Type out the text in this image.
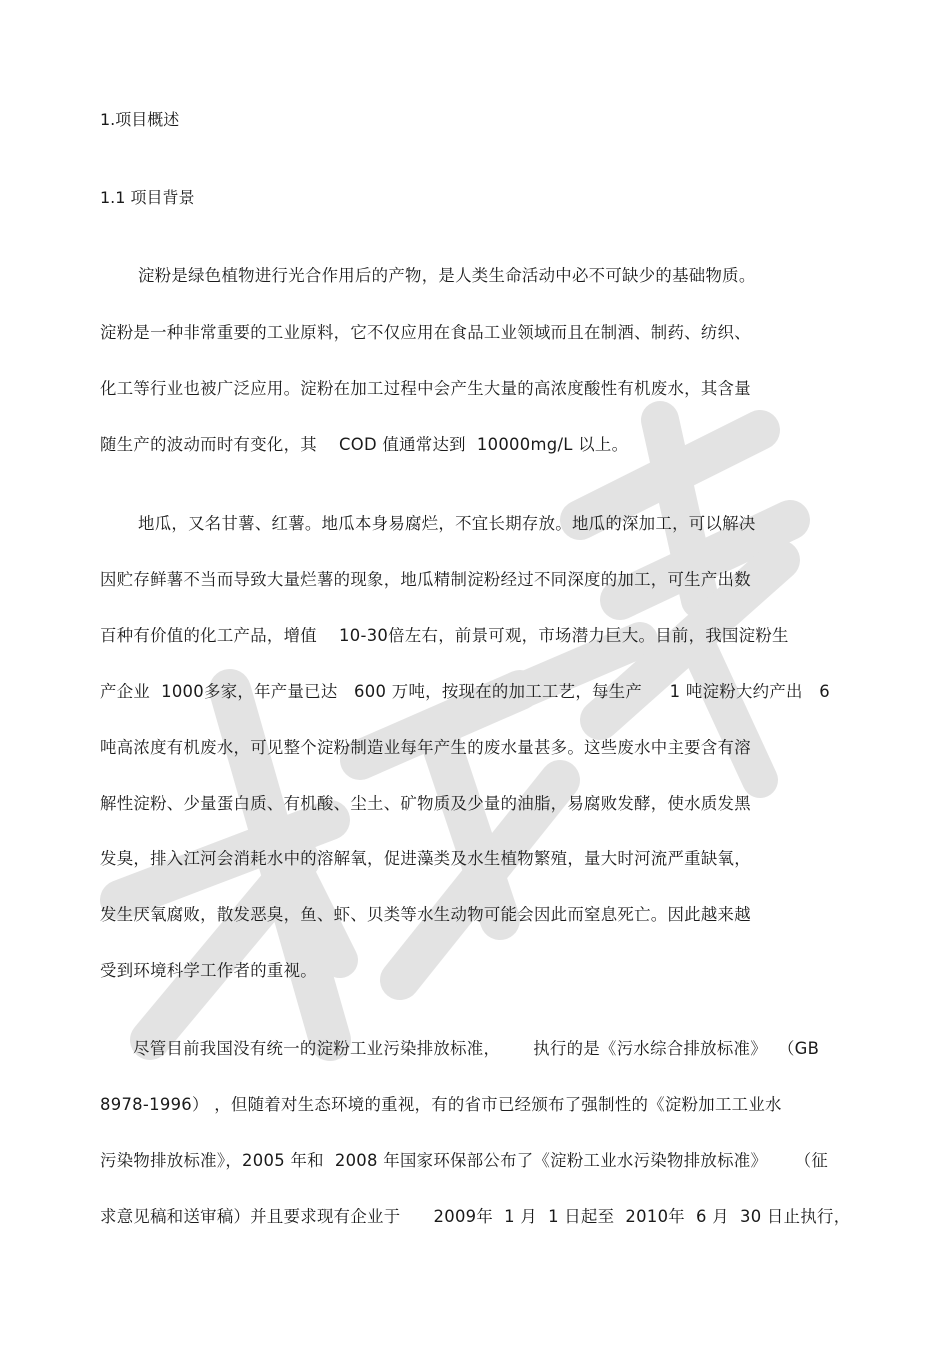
1.项目概述
1.1 项目背景
淀粉是绿色植物进行光合作用后的产物，是人类生命活动中必不可缺少的基础物质。
淀粉是一种非常重要的工业原料，它不仅应用在食品工业领域而且在制酒、制药、纺织、
化工等行业也被广泛应用。淀粉在加工过程中会产生大量的高浓度酸性有机废水，其含量
随生产的波动而时有变化，其    COD 值通常达到  10000mg/L 以上。
地瓜，又名甘薯、红薯。地瓜本身易腐烂，不宜长期存放。地瓜的深加工，可以解决
因贮存鲜薯不当而导致大量烂薯的现象，地瓜精制淀粉经过不同深度的加工，可生产出数
百种有价值的化工产品，增值    10-30倍左右，前景可观，市场潜力巨大。目前，我国淀粉生
产企业  1000多家，年产量已达   600 万吨，按现在的加工工艺，每生产     1 吨淀粉大约产出   6
吨高浓度有机废水，可见整个淀粉制造业每年产生的废水量甚多。这些废水中主要含有溶
解性淀粉、少量蛋白质、有机酸、尘土、矿物质及少量的油脂，易腐败发酵，使水质发黑
发臭，排入江河会消耗水中的溶解氧，促进藻类及水生植物繁殖，量大时河流严重缺氧，
发生厌氧腐败，散发恶臭，鱼、虾、贝类等水生动物可能会因此而窒息死亡。因此越来越
受到环境科学工作者的重视。
尽管目前我国没有统一的淀粉工业污染排放标准，      执行的是《污水综合排放标准》  （GB
8978-1996） ，但随着对生态环境的重视，有的省市已经颁布了强制性的《淀粉加工工业水
污染物排放标准》，2005 年和  2008 年国家环保部公布了《淀粉工业水污染物排放标准》     （征
求意见稿和送审稿）并且要求现有企业于      2009年  1 月  1 日起至  2010年  6 月  30 日止执行，
